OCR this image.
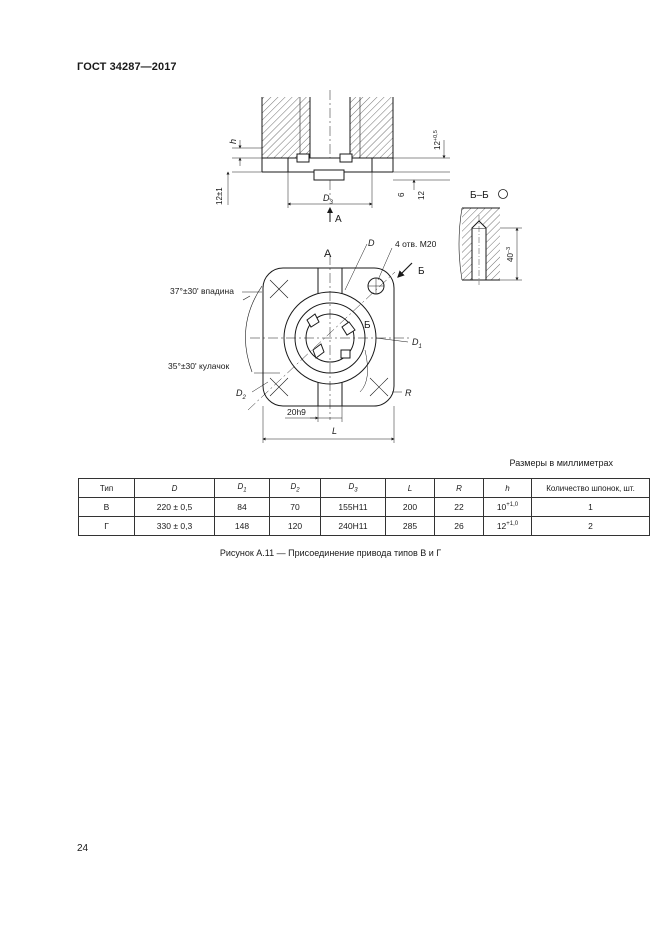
ГОСТ 34287—2017
h	$12^{+0,5}$
12±1	6 12
$D_3$
А
Б–Б
$40^{-3}$
А
D 4 отв. М20
Б
Б
37°±30' впадина
35°±30' кулачок
$D_1$
$D_2$	R
20h9
L
Размеры в миллиметрах
Тип	D	$D_1$	$D_2$	$D_3$	L	R	h	Количество шпонок, шт.
В	220 ± 0,5	84	70	155H11	200	22	$10^{+1,0}$	1
Г	330 ± 0,3	148	120	240H11	285	26	$12^{+1,0}$	2
Рисунок А.11 — Присоединение привода типов В и Г
24
